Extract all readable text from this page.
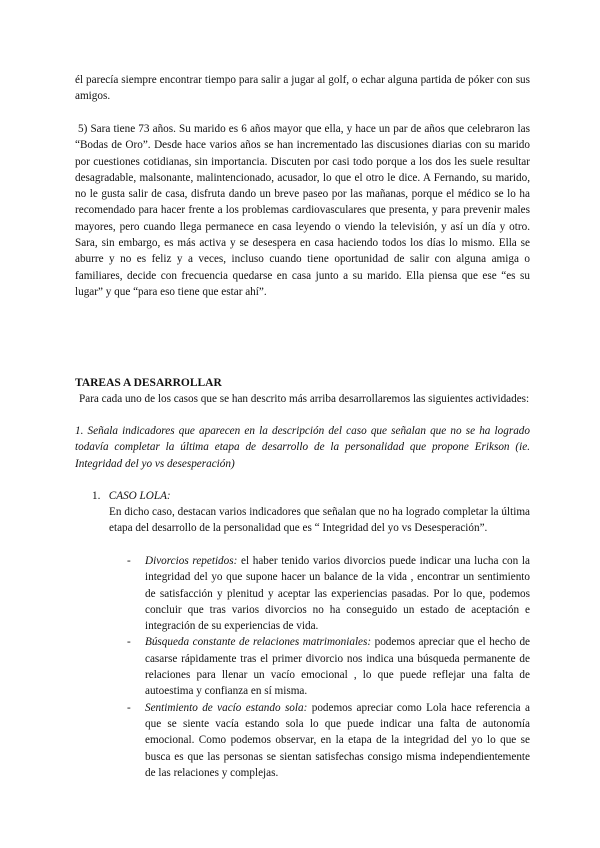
él parecía siempre encontrar tiempo para salir a jugar al golf, o echar alguna partida de póker con sus amigos.

5) Sara tiene 73 años. Su marido es 6 años mayor que ella, y hace un par de años que celebraron las “Bodas de Oro”. Desde hace varios años se han incrementado las discusiones diarias con su marido por cuestiones cotidianas, sin importancia. Discuten por casi todo porque a los dos les suele resultar desagradable, malsonante, malintencionado, acusador, lo que el otro le dice. A Fernando, su marido, no le gusta salir de casa, disfruta dando un breve paseo por las mañanas, porque el médico se lo ha recomendado para hacer frente a los problemas cardiovasculares que presenta, y para prevenir males mayores, pero cuando llega permanece en casa leyendo o viendo la televisión, y así un día y otro. Sara, sin embargo, es más activa y se desespera en casa haciendo todos los días lo mismo. Ella se aburre y no es feliz y a veces, incluso cuando tiene oportunidad de salir con alguna amiga o familiares, decide con frecuencia quedarse en casa junto a su marido. Ella piensa que ese “es su lugar” y que “para eso tiene que estar ahí”.

TAREAS A DESARROLLAR

Para cada uno de los casos que se han descrito más arriba desarrollaremos las siguientes actividades:

1. Señala indicadores que aparecen en la descripción del caso que señalan que no se ha logrado todavía completar la última etapa de desarrollo de la personalidad que propone Erikson (ie. Integridad del yo vs desesperación)

1. CASO LOLA:

En dicho caso, destacan varios indicadores que señalan que no ha logrado completar la última etapa del desarrollo de la personalidad que es “ Integridad del yo vs Desesperación”.

- Divorcios repetidos: el haber tenido varios divorcios puede indicar una lucha con la integridad del yo que supone hacer un balance de la vida , encontrar un sentimiento de satisfacción y plenitud y aceptar las experiencias pasadas. Por lo que, podemos concluir que tras varios divorcios no ha conseguido un estado de aceptación e integración de su experiencias de vida.
- Búsqueda constante de relaciones matrimoniales: podemos apreciar que el hecho de casarse rápidamente tras el primer divorcio nos indica una búsqueda permanente de relaciones para llenar un vacío emocional , lo que puede reflejar una falta de autoestima y confianza en sí misma.
- Sentimiento de vacío estando sola: podemos apreciar como Lola hace referencia a que se siente vacía estando sola lo que puede indicar una falta de autonomía emocional. Como podemos observar, en la etapa de la integridad del yo lo que se busca es que las personas se sientan satisfechas consigo misma independientemente de las relaciones y complejas.
